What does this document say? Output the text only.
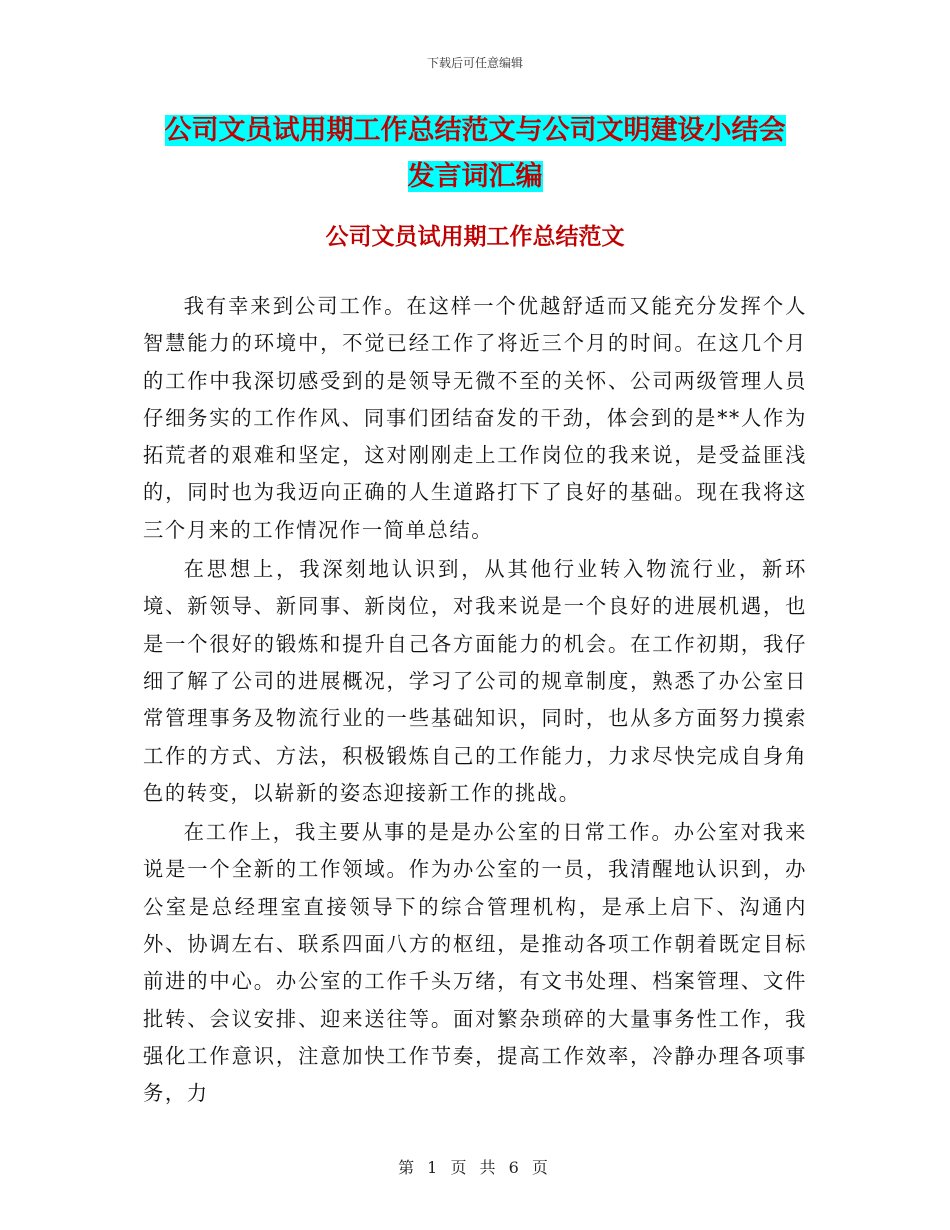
下载后可任意编辑
公司文员试用期工作总结范文与公司文明建设小结会
发言词汇编
公司文员试用期工作总结范文

我有幸来到公司工作。在这样一个优越舒适而又能充分发挥个人智慧能力的环境中，不觉已经工作了将近三个月的时间。在这几个月的工作中我深切感受到的是领导无微不至的关怀、公司两级管理人员仔细务实的工作作风、同事们团结奋发的干劲，体会到的是**人作为拓荒者的艰难和坚定，这对刚刚走上工作岗位的我来说，是受益匪浅的，同时也为我迈向正确的人生道路打下了良好的基础。现在我将这三个月来的工作情况作一简单总结。

在思想上，我深刻地认识到，从其他行业转入物流行业，新环境、新领导、新同事、新岗位，对我来说是一个良好的进展机遇，也是一个很好的锻炼和提升自己各方面能力的机会。在工作初期，我仔细了解了公司的进展概况，学习了公司的规章制度，熟悉了办公室日常管理事务及物流行业的一些基础知识，同时，也从多方面努力摸索工作的方式、方法，积极锻炼自己的工作能力，力求尽快完成自身角色的转变，以崭新的姿态迎接新工作的挑战。

在工作上，我主要从事的是是办公室的日常工作。办公室对我来说是一个全新的工作领域。作为办公室的一员，我清醒地认识到，办公室是总经理室直接领导下的综合管理机构，是承上启下、沟通内外、协调左右、联系四面八方的枢纽，是推动各项工作朝着既定目标前进的中心。办公室的工作千头万绪，有文书处理、档案管理、文件批转、会议安排、迎来送往等。面对繁杂琐碎的大量事务性工作，我强化工作意识，注意加快工作节奏，提高工作效率，冷静办理各项事务，力

第 1 页 共 6 页
